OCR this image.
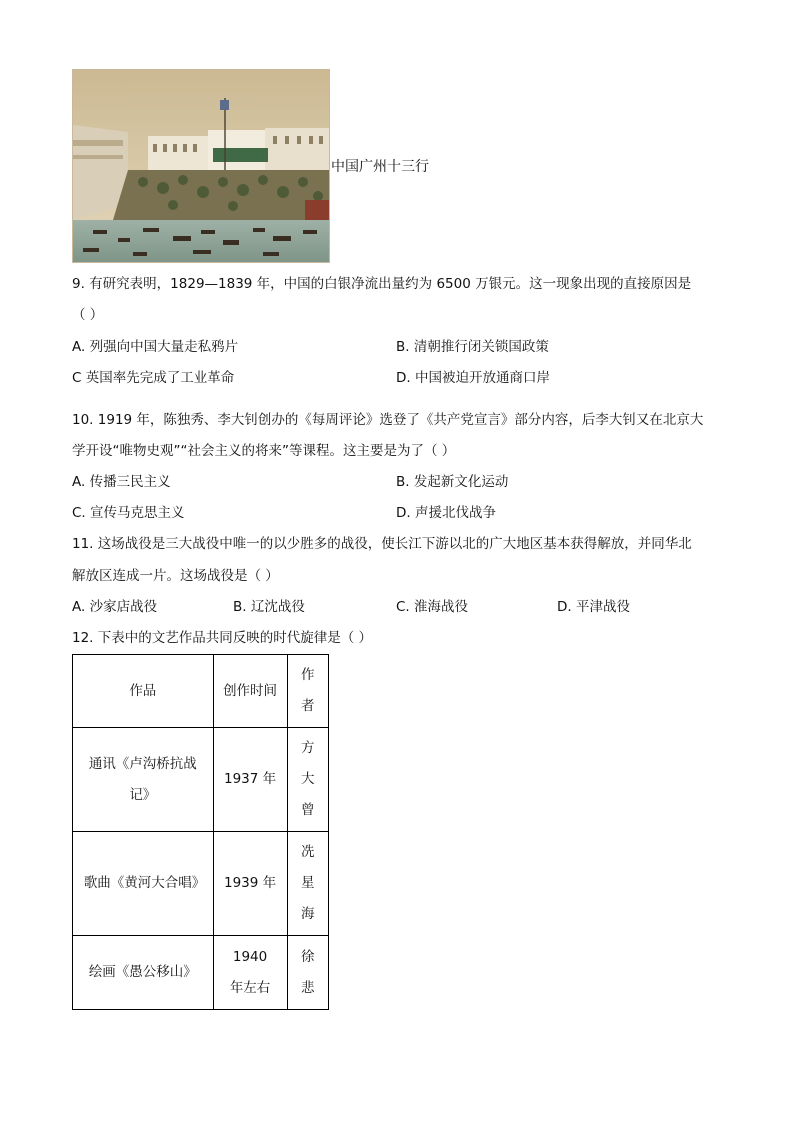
中国广州十三行
9. 有研究表明，1829—1839 年，中国的白银净流出量约为 6500 万银元。这一现象出现的直接原因是
（ ）
A. 列强向中国大量走私鸦片	B. 清朝推行闭关锁国政策
C 英国率先完成了工业革命	D. 中国被迫开放通商口岸
10. 1919 年，陈独秀、李大钊创办的《每周评论》选登了《共产党宣言》部分内容，后李大钊又在北京大
学开设“唯物史观”“社会主义的将来”等课程。这主要是为了（ ）
A. 传播三民主义	B. 发起新文化运动
C. 宣传马克思主义	D. 声援北伐战争
11. 这场战役是三大战役中唯一的以少胜多的战役，使长江下游以北的广大地区基本获得解放，并同华北
解放区连成一片。这场战役是（ ）
A. 沙家店战役	B. 辽沈战役	C. 淮海战役	D. 平津战役
12. 下表中的文艺作品共同反映的时代旋律是（ ）
作品	创作时间	作者

通讯《卢沟桥抗战记》	1937 年	方大曾

歌曲《黄河大合唱》	1939 年	冼星海

绘画《愚公移山》	1940 年左右	徐悲
